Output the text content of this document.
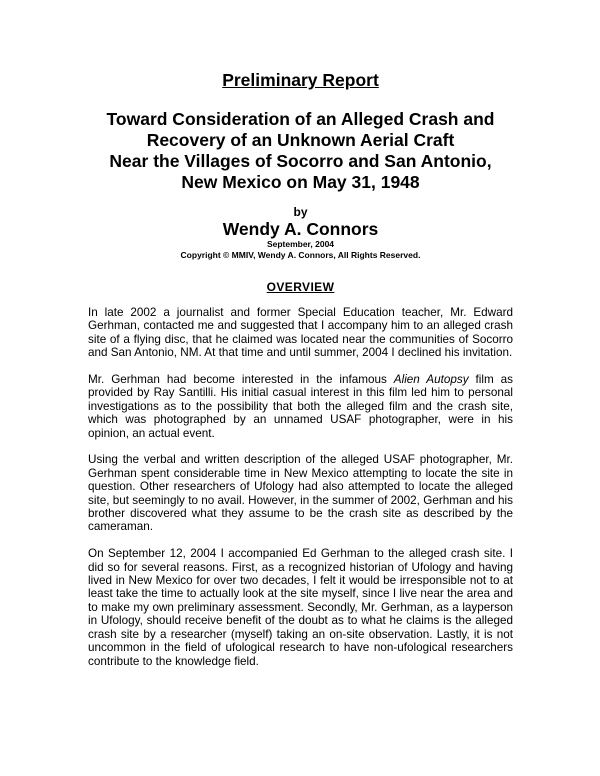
Preliminary Report
Toward Consideration of an Alleged Crash and
Recovery of an Unknown Aerial Craft
Near the Villages of Socorro and San Antonio,
New Mexico on May 31, 1948
by
Wendy A. Connors
September, 2004
Copyright © MMIV, Wendy A. Connors, All Rights Reserved.
OVERVIEW

In late 2002 a journalist and former Special Education teacher, Mr. Edward Gerhman, contacted me and suggested that I accompany him to an alleged crash site of a flying disc, that he claimed was located near the communities of Socorro and San Antonio, NM. At that time and until summer, 2004 I declined his invitation.

Mr. Gerhman had become interested in the infamous Alien Autopsy film as provided by Ray Santilli. His initial casual interest in this film led him to personal investigations as to the possibility that both the alleged film and the crash site, which was photographed by an unnamed USAF photographer, were in his opinion, an actual event.

Using the verbal and written description of the alleged USAF photographer, Mr. Gerhman spent considerable time in New Mexico attempting to locate the site in question. Other researchers of Ufology had also attempted to locate the alleged site, but seemingly to no avail. However, in the summer of 2002, Gerhman and his brother discovered what they assume to be the crash site as described by the cameraman.

On September 12, 2004 I accompanied Ed Gerhman to the alleged crash site. I did so for several reasons. First, as a recognized historian of Ufology and having lived in New Mexico for over two decades, I felt it would be irresponsible not to at least take the time to actually look at the site myself, since I live near the area and to make my own preliminary assessment. Secondly, Mr. Gerhman, as a layperson in Ufology, should receive benefit of the doubt as to what he claims is the alleged crash site by a researcher (myself) taking an on-site observation. Lastly, it is not uncommon in the field of ufological research to have non-ufological researchers contribute to the knowledge field.
